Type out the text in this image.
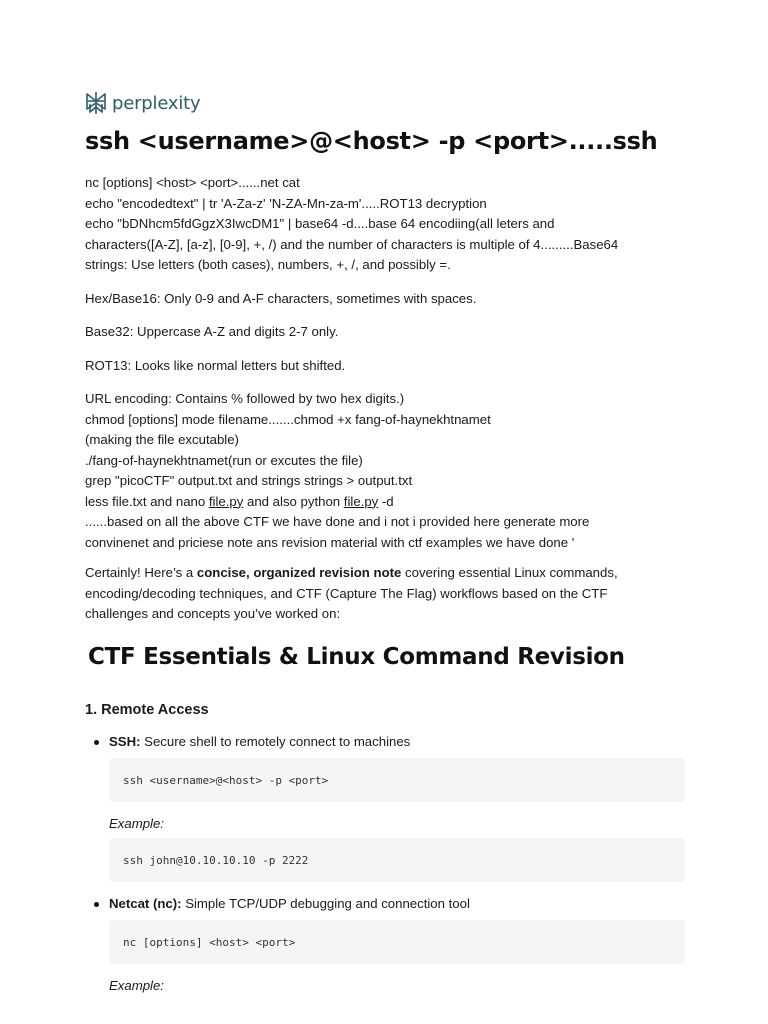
perplexity
ssh <username>@<host> -p <port>.....ssh

nc [options] <host> <port>......net cat

echo "encodedtext" | tr 'A-Za-z' 'N-ZA-Mn-za-m'.....ROT13 decryption

echo "bDNhcm5fdGgzX3IwcDM1" | base64 -d....base 64 encodiing(all leters and

characters([A-Z], [a-z], [0-9], +, /) and the number of characters is multiple of 4.........Base64

strings: Use letters (both cases), numbers, +, /, and possibly =.

Hex/Base16: Only 0-9 and A-F characters, sometimes with spaces.

Base32: Uppercase A-Z and digits 2-7 only.

ROT13: Looks like normal letters but shifted.

URL encoding: Contains % followed by two hex digits.)

chmod [options] mode filename.......chmod +x fang-of-haynekhtnamet

(making the file excutable)

./fang-of-haynekhtnamet(run or excutes the file)

grep "picoCTF" output.txt and strings strings > output.txt

less file.txt and nano file.py and also python file.py -d

......based on all the above CTF we have done and i not i provided here generate more

convinenet and priciese note ans revision material with ctf examples we have done '

Certainly! Here’s a concise, organized revision note covering essential Linux commands,

encoding/decoding techniques, and CTF (Capture The Flag) workflows based on the CTF

challenges and concepts you’ve worked on:

CTF Essentials & Linux Command Revision
1. Remote Access
SSH: Secure shell to remotely connect to machines
ssh <username>@<host> -p <port>
Example:
ssh john@10.10.10.10 -p 2222
Netcat (nc): Simple TCP/UDP debugging and connection tool
nc [options] <host> <port>
Example:
